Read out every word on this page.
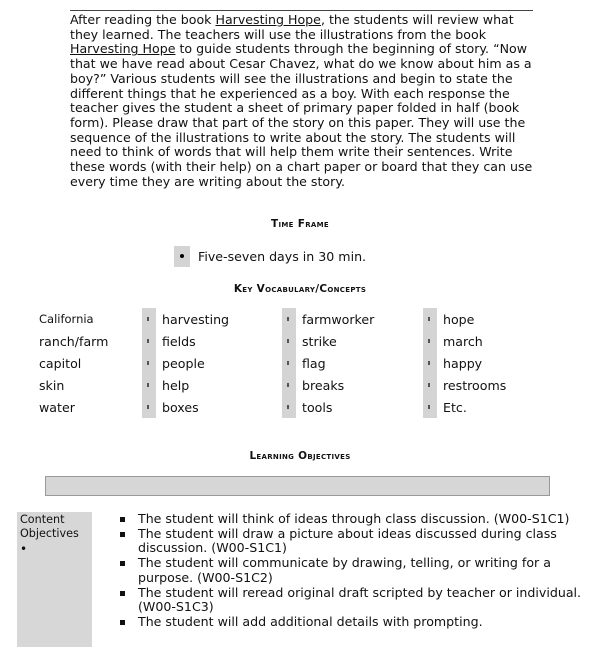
After reading the book Harvesting Hope, the students will review what they learned. The teachers will use the illustrations from the book Harvesting Hope to guide students through the beginning of story. “Now that we have read about Cesar Chavez, what do we know about him as a boy?” Various students will see the illustrations and begin to state the different things that he experienced as a boy. With each response the teacher gives the student a sheet of primary paper folded in half (book form). Please draw that part of the story on this paper. They will use the sequence of the illustrations to write about the story. The students will need to think of words that will help them write their sentences. Write these words (with their help) on a chart paper or board that they can use every time they are writing about the story.

Time Frame
Five-seven days in 30 min.
Key Vocabulary/Concepts
California
ranch/farm
capitol
skin
water
harvesting
fields
people
help
boxes
farmworker
strike
flag
breaks
tools
hope
march
happy
restrooms
Etc.
Learning Objectives
Content Objectives
•
The student will think of ideas through class discussion. (W00-S1C1)
The student will draw a picture about ideas discussed during class discussion. (W00-S1C1)
The student will communicate by drawing, telling, or writing for a purpose. (W00-S1C2)
The student will reread original draft scripted by teacher or individual. (W00-S1C3)
The student will add additional details with prompting.
